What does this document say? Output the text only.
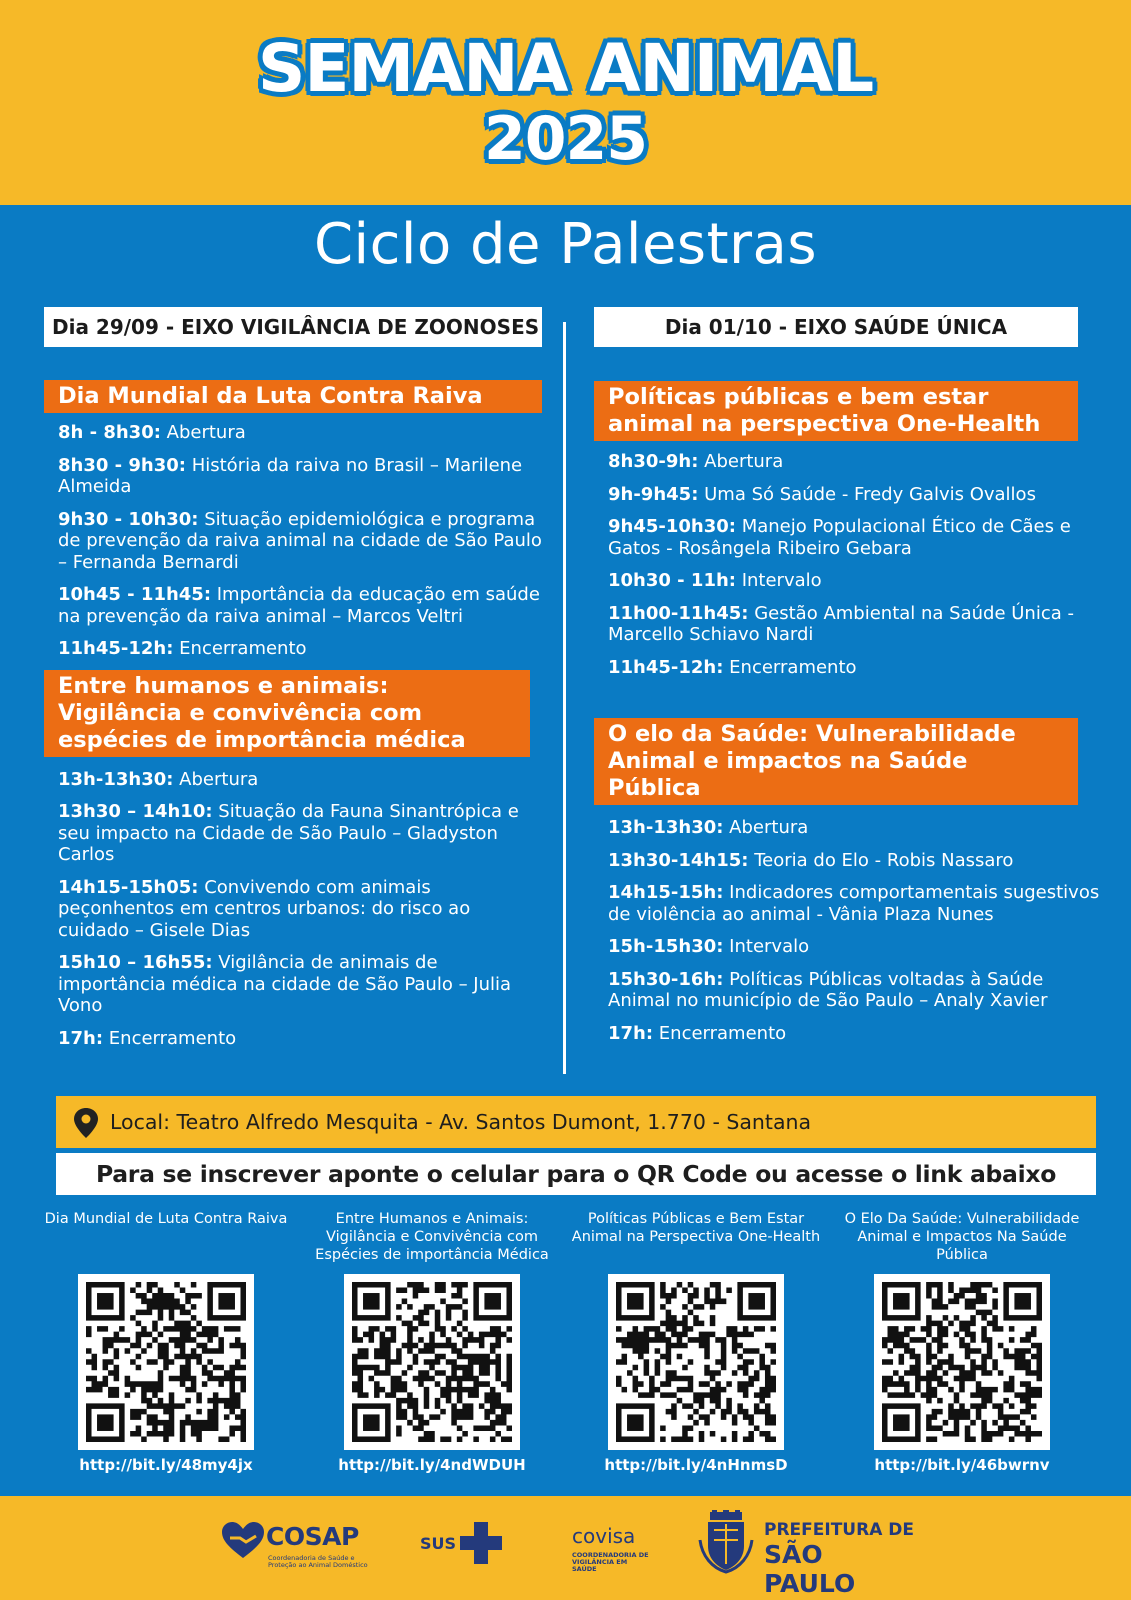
SEMANA ANIMAL
2025
Ciclo de Palestras
Dia 29/09 - EIXO VIGILÂNCIA DE ZOONOSES
Dia Mundial da Luta Contra Raiva
8h - 8h30: Abertura
8h30 - 9h30: História da raiva no Brasil – Marilene Almeida
9h30 - 10h30: Situação epidemiológica e programa de prevenção da raiva animal na cidade de São Paulo – Fernanda Bernardi
10h45 - 11h45: Importância da educação em saúde na prevenção da raiva animal – Marcos Veltri
11h45-12h: Encerramento
Entre humanos e animais: Vigilância e convivência com espécies de importância médica
13h-13h30: Abertura
13h30 – 14h10: Situação da Fauna Sinantrópica e seu impacto na Cidade de São Paulo – Gladyston Carlos
14h15-15h05: Convivendo com animais peçonhentos em centros urbanos: do risco ao cuidado – Gisele Dias
15h10 – 16h55: Vigilância de animais de importância médica na cidade de São Paulo – Julia Vono
17h: Encerramento
Dia 01/10 - EIXO SAÚDE ÚNICA
Políticas públicas e bem estar animal na perspectiva One-Health
8h30-9h: Abertura
9h-9h45: Uma Só Saúde - Fredy Galvis Ovallos
9h45-10h30: Manejo Populacional Ético de Cães e Gatos - Rosângela Ribeiro Gebara
10h30 - 11h: Intervalo
11h00-11h45: Gestão Ambiental na Saúde Única - Marcello Schiavo Nardi
11h45-12h: Encerramento
O elo da Saúde: Vulnerabilidade Animal e impactos na Saúde Pública
13h-13h30: Abertura
13h30-14h15: Teoria do Elo - Robis Nassaro
14h15-15h: Indicadores comportamentais sugestivos de violência ao animal - Vânia Plaza Nunes
15h-15h30: Intervalo
15h30-16h: Políticas Públicas voltadas à Saúde Animal no município de São Paulo – Analy Xavier
17h: Encerramento
Local: Teatro Alfredo Mesquita - Av. Santos Dumont, 1.770 - Santana
Para se inscrever aponte o celular para o QR Code ou acesse o link abaixo
Dia Mundial de Luta Contra Raiva
http://bit.ly/48my4jx
Entre Humanos e Animais: Vigilância e Convivência com Espécies de importância Médica
http://bit.ly/4ndWDUH
Políticas Públicas e Bem Estar Animal na Perspectiva One-Health
http://bit.ly/4nHnmsD
O Elo Da Saúde: Vulnerabilidade Animal e Impactos Na Saúde Pública
http://bit.ly/46bwrnv
COSAP
Coordenadoria de Saúde e Proteção ao Animal Doméstico
SUS	covisa
COORDENADORIA DE VIGILÂNCIA EM SAÚDE
PREFEITURA DE
SÃO PAULO
